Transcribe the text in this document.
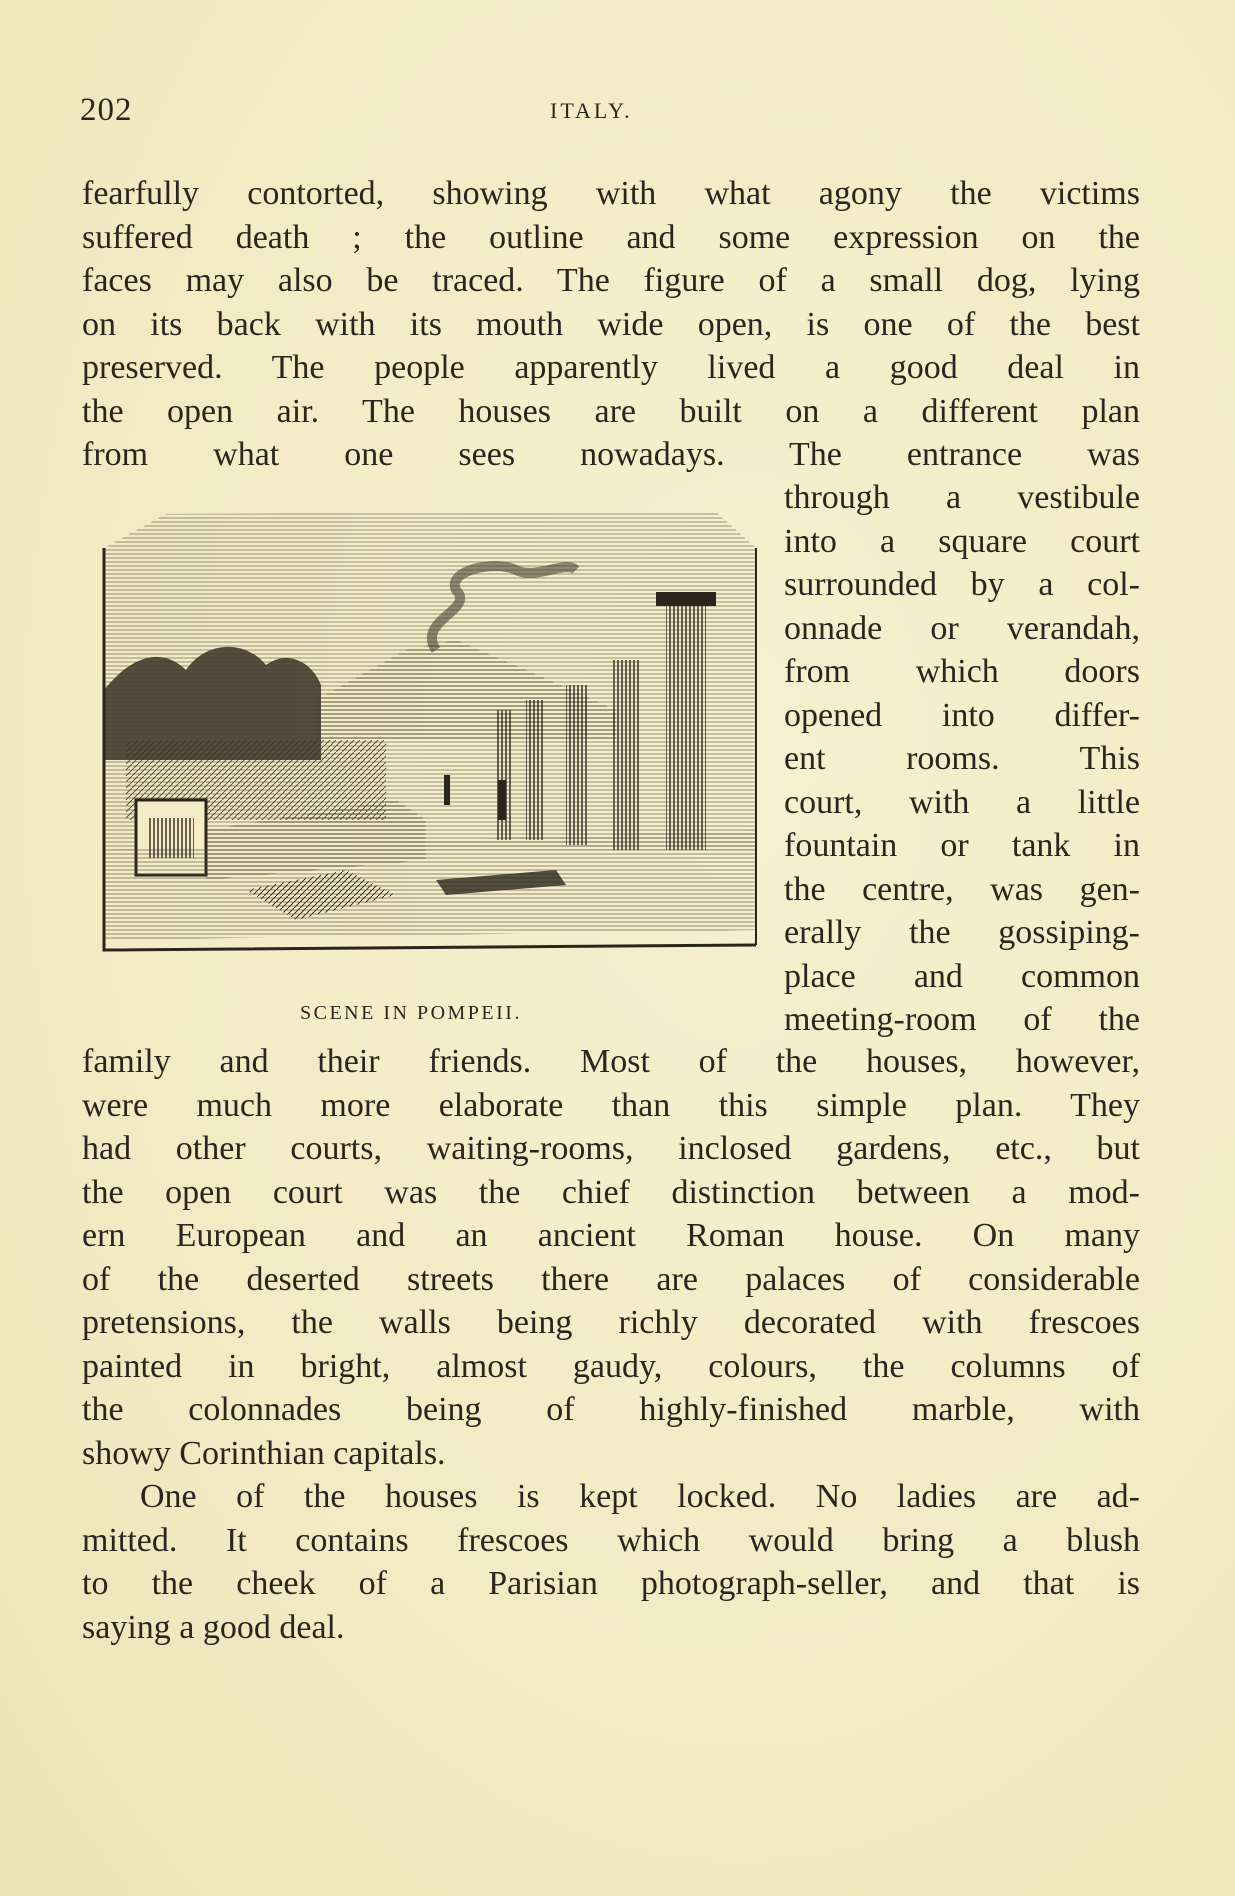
202	ITALY.
fearfully contorted, showing with what agony the victims
suffered death ; the outline and some expression on the
faces may also be traced. The figure of a small dog, lying
on its back with its mouth wide open, is one of the best
preserved. The people apparently lived a good deal in
the open air. The houses are built on a different plan
from what one sees nowadays. The entrance was
through a vestibule
into a square court
surrounded by a col-
onnade or verandah,
from which doors
opened into differ-
ent rooms. This
court, with a little
fountain or tank in
the centre, was gen-
erally the gossiping-
place and common
meeting-room of the
SCENE IN POMPEII.
family and their friends. Most of the houses, however,
were much more elaborate than this simple plan. They
had other courts, waiting-rooms, inclosed gardens, etc., but
the open court was the chief distinction between a mod-
ern European and an ancient Roman house. On many
of the deserted streets there are palaces of considerable
pretensions, the walls being richly decorated with frescoes
painted in bright, almost gaudy, colours, the columns of
the colonnades being of highly-finished marble, with
showy Corinthian capitals.
One of the houses is kept locked. No ladies are ad-
mitted. It contains frescoes which would bring a blush
to the cheek of a Parisian photograph-seller, and that is
saying a good deal.
